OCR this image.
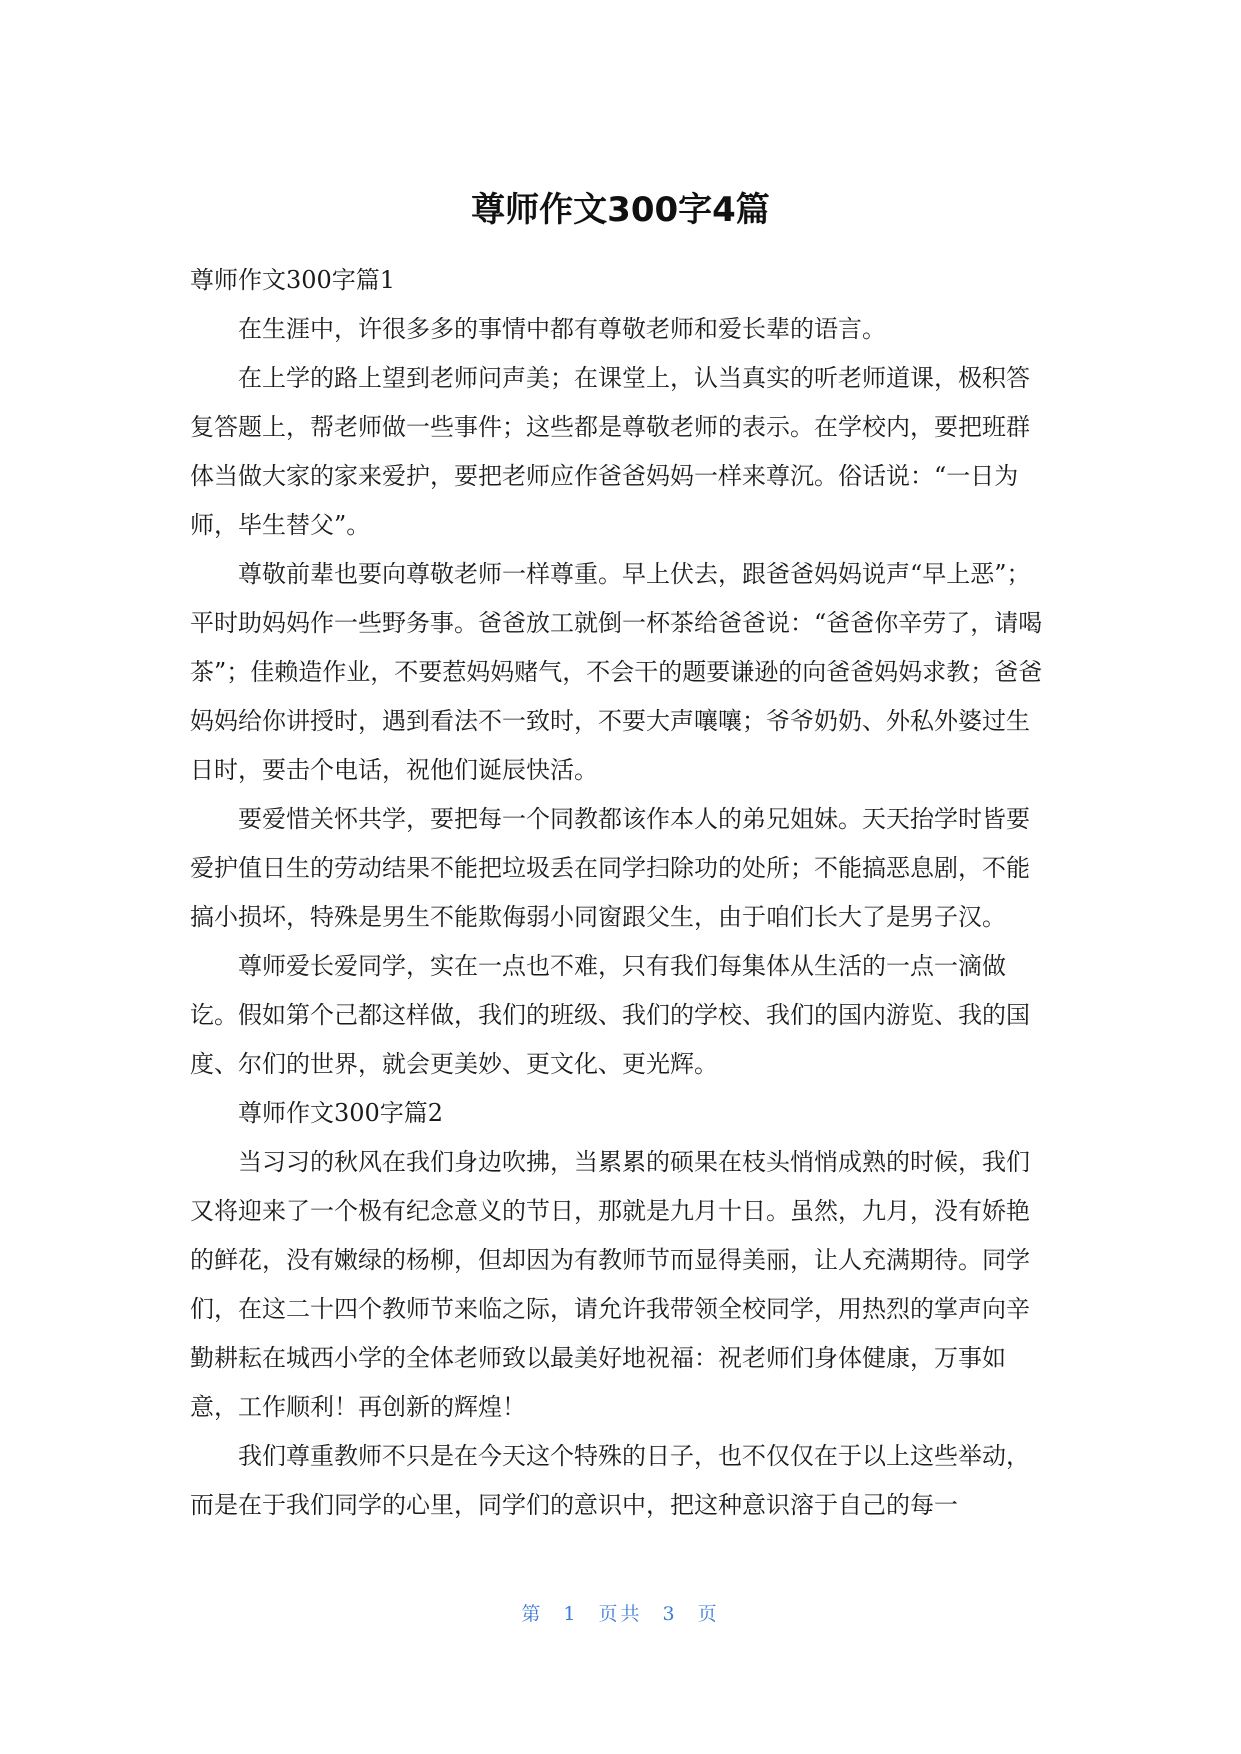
尊师作文300字4篇

尊师作文300字篇1

在生涯中，许很多多的事情中都有尊敬老师和爱长辈的语言。

在上学的路上望到老师问声美；在课堂上，认当真实的听老师道课，极积答复答题上，帮老师做一些事件；这些都是尊敬老师的表示。在学校内，要把班群体当做大家的家来爱护，要把老师应作爸爸妈妈一样来尊沉。俗话说：“一日为师，毕生替父”。

尊敬前辈也要向尊敬老师一样尊重。早上伏去，跟爸爸妈妈说声“早上恶”；平时助妈妈作一些野务事。爸爸放工就倒一杯茶给爸爸说：“爸爸你辛劳了，请喝茶”；佳赖造作业，不要惹妈妈赌气，不会干的题要谦逊的向爸爸妈妈求教；爸爸妈妈给你讲授时，遇到看法不一致时，不要大声嚷嚷；爷爷奶奶、外私外婆过生日时，要击个电话，祝他们诞辰快活。

要爱惜关怀共学，要把每一个同教都该作本人的弟兄姐妹。天天抬学时皆要爱护值日生的劳动结果不能把垃圾丢在同学扫除功的处所；不能搞恶息剧，不能搞小损坏，特殊是男生不能欺侮弱小同窗跟父生，由于咱们长大了是男子汉。

尊师爱长爱同学，实在一点也不难，只有我们每集体从生活的一点一滴做讫。假如第个己都这样做，我们的班级、我们的学校、我们的国内游览、我的国度、尔们的世界，就会更美妙、更文化、更光辉。

尊师作文300字篇2

当习习的秋风在我们身边吹拂，当累累的硕果在枝头悄悄成熟的时候，我们又将迎来了一个极有纪念意义的节日，那就是九月十日。虽然，九月，没有娇艳的鲜花，没有嫩绿的杨柳，但却因为有教师节而显得美丽，让人充满期待。同学们，在这二十四个教师节来临之际，请允许我带领全校同学，用热烈的掌声向辛勤耕耘在城西小学的全体老师致以最美好地祝福：祝老师们身体健康，万事如意，工作顺利！再创新的辉煌！

我们尊重教师不只是在今天这个特殊的日子，也不仅仅在于以上这些举动，而是在于我们同学的心里，同学们的意识中，把这种意识溶于自己的每一

第 1 页共 3 页
